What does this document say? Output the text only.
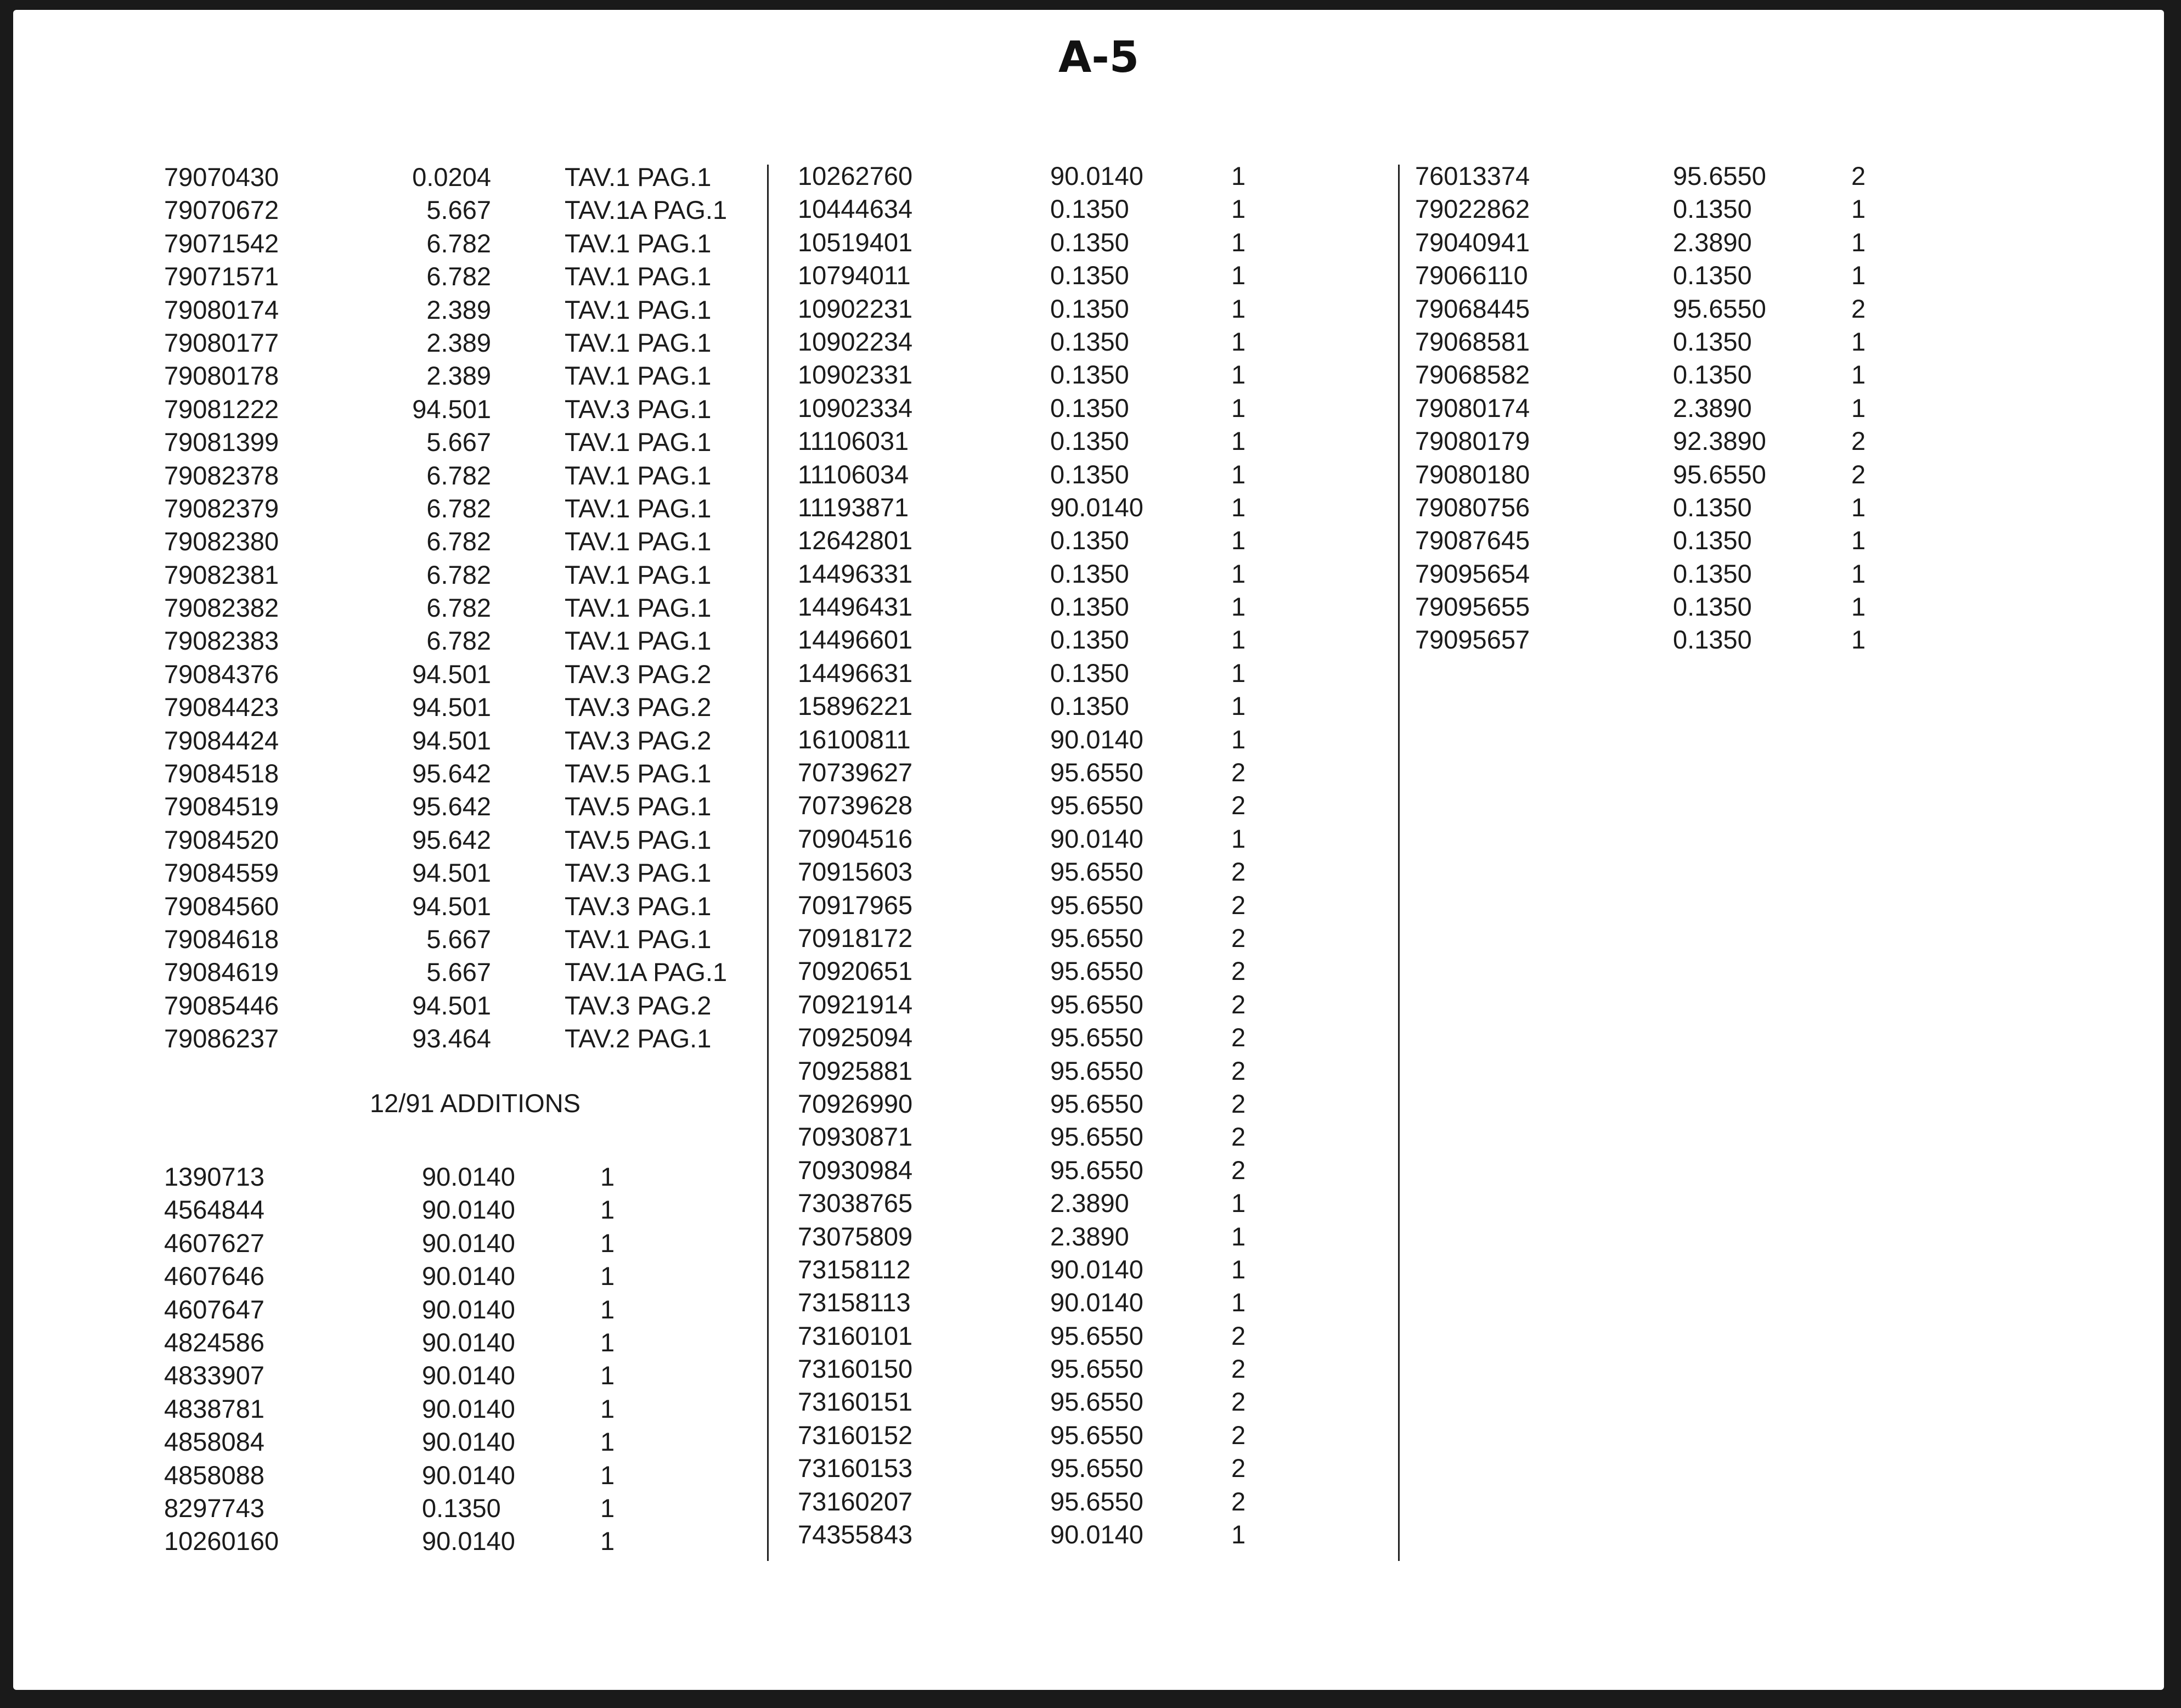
A-5
79070430	0.0204	TAV.1 PAG.1
79070672	5.667	TAV.1A PAG.1
79071542	6.782	TAV.1 PAG.1
79071571	6.782	TAV.1 PAG.1
79080174	2.389	TAV.1 PAG.1
79080177	2.389	TAV.1 PAG.1
79080178	2.389	TAV.1 PAG.1
79081222	94.501	TAV.3 PAG.1
79081399	5.667	TAV.1 PAG.1
79082378	6.782	TAV.1 PAG.1
79082379	6.782	TAV.1 PAG.1
79082380	6.782	TAV.1 PAG.1
79082381	6.782	TAV.1 PAG.1
79082382	6.782	TAV.1 PAG.1
79082383	6.782	TAV.1 PAG.1
79084376	94.501	TAV.3 PAG.2
79084423	94.501	TAV.3 PAG.2
79084424	94.501	TAV.3 PAG.2
79084518	95.642	TAV.5 PAG.1
79084519	95.642	TAV.5 PAG.1
79084520	95.642	TAV.5 PAG.1
79084559	94.501	TAV.3 PAG.1
79084560	94.501	TAV.3 PAG.1
79084618	5.667	TAV.1 PAG.1
79084619	5.667	TAV.1A PAG.1
79085446	94.501	TAV.3 PAG.2
79086237	93.464	TAV.2 PAG.1
12/91 ADDITIONS
1390713	90.0140	1
4564844	90.0140	1
4607627	90.0140	1
4607646	90.0140	1
4607647	90.0140	1
4824586	90.0140	1
4833907	90.0140	1
4838781	90.0140	1
4858084	90.0140	1
4858088	90.0140	1
8297743	0.1350	1
10260160	90.0140	1
10262760	90.0140	1
10444634	0.1350	1
10519401	0.1350	1
10794011	0.1350	1
10902231	0.1350	1
10902234	0.1350	1
10902331	0.1350	1
10902334	0.1350	1
11106031	0.1350	1
11106034	0.1350	1
11193871	90.0140	1
12642801	0.1350	1
14496331	0.1350	1
14496431	0.1350	1
14496601	0.1350	1
14496631	0.1350	1
15896221	0.1350	1
16100811	90.0140	1
70739627	95.6550	2
70739628	95.6550	2
70904516	90.0140	1
70915603	95.6550	2
70917965	95.6550	2
70918172	95.6550	2
70920651	95.6550	2
70921914	95.6550	2
70925094	95.6550	2
70925881	95.6550	2
70926990	95.6550	2
70930871	95.6550	2
70930984	95.6550	2
73038765	2.3890	1
73075809	2.3890	1
73158112	90.0140	1
73158113	90.0140	1
73160101	95.6550	2
73160150	95.6550	2
73160151	95.6550	2
73160152	95.6550	2
73160153	95.6550	2
73160207	95.6550	2
74355843	90.0140	1
76013374	95.6550	2
79022862	0.1350	1
79040941	2.3890	1
79066110	0.1350	1
79068445	95.6550	2
79068581	0.1350	1
79068582	0.1350	1
79080174	2.3890	1
79080179	92.3890	2
79080180	95.6550	2
79080756	0.1350	1
79087645	0.1350	1
79095654	0.1350	1
79095655	0.1350	1
79095657	0.1350	1
